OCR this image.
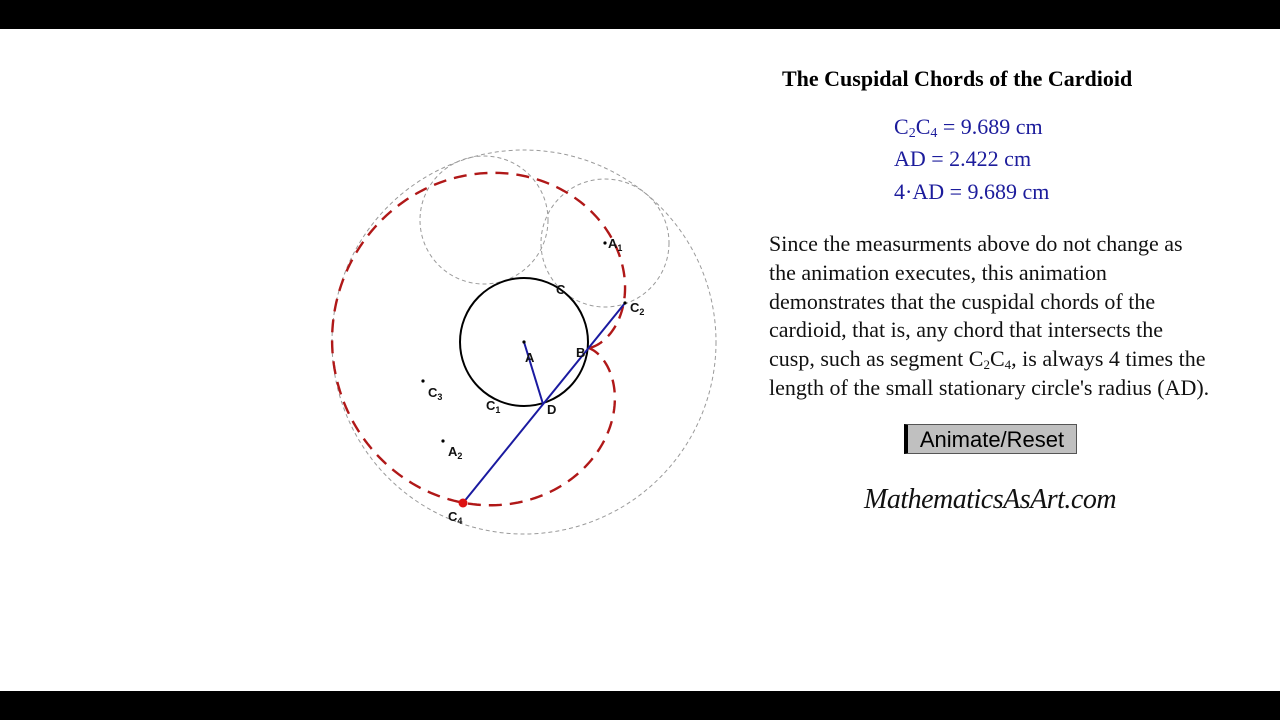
A	B
C
D
$A_1$
$A_2$
$C_1$
$C_2$
$C_3$
$C_4$
The Cuspidal Chords of the Cardioid
$C_2C_4 = 9.689$ cm
AD = 2.422 cm
4·AD = 9.689 cm
Since the measurments above do not change as
the animation executes, this animation
demonstrates that the cuspidal chords of the
cardioid, that is, any chord that intersects the
cusp, such as segment $C_2C_4$, is always 4 times the
length of the small stationary circle's radius (AD).
Animate/Reset
MathematicsAsArt.com
